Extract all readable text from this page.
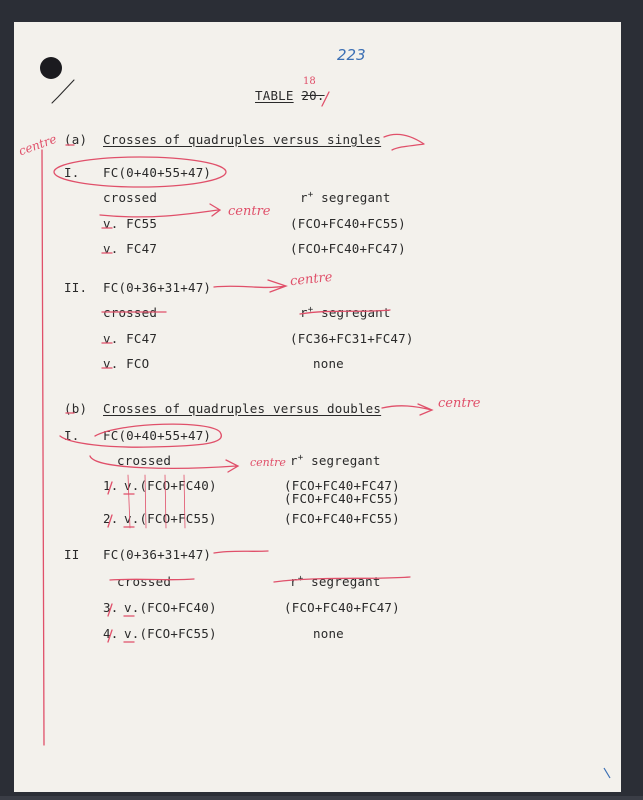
223
TABLE 20.
18
centre (a) Crosses of quadruples versus singles
I. FC(0+40+55+47)
crossed	r+ segregant
centre
v. FC55	(FCO+FC40+FC55)
v. FC47	(FCO+FC40+FC47)
II. FC(0+36+31+47)	centre
crossed	r+ segregant
v. FC47	(FC36+FC31+FC47)
v. FCO	none
(b) Crosses of quadruples versus doubles	centre
I. FC(0+40+55+47)
crossed	centre r+ segregant
1. v.(FCO+FC40)	(FCO+FC40+FC47)
(FCO+FC40+FC55)
2. v.(FCO+FC55)	(FCO+FC40+FC55)
II FC(0+36+31+47)
crossed	r+ segregant
3. v.(FCO+FC40)	(FCO+FC40+FC47)
4. v.(FCO+FC55)	none
